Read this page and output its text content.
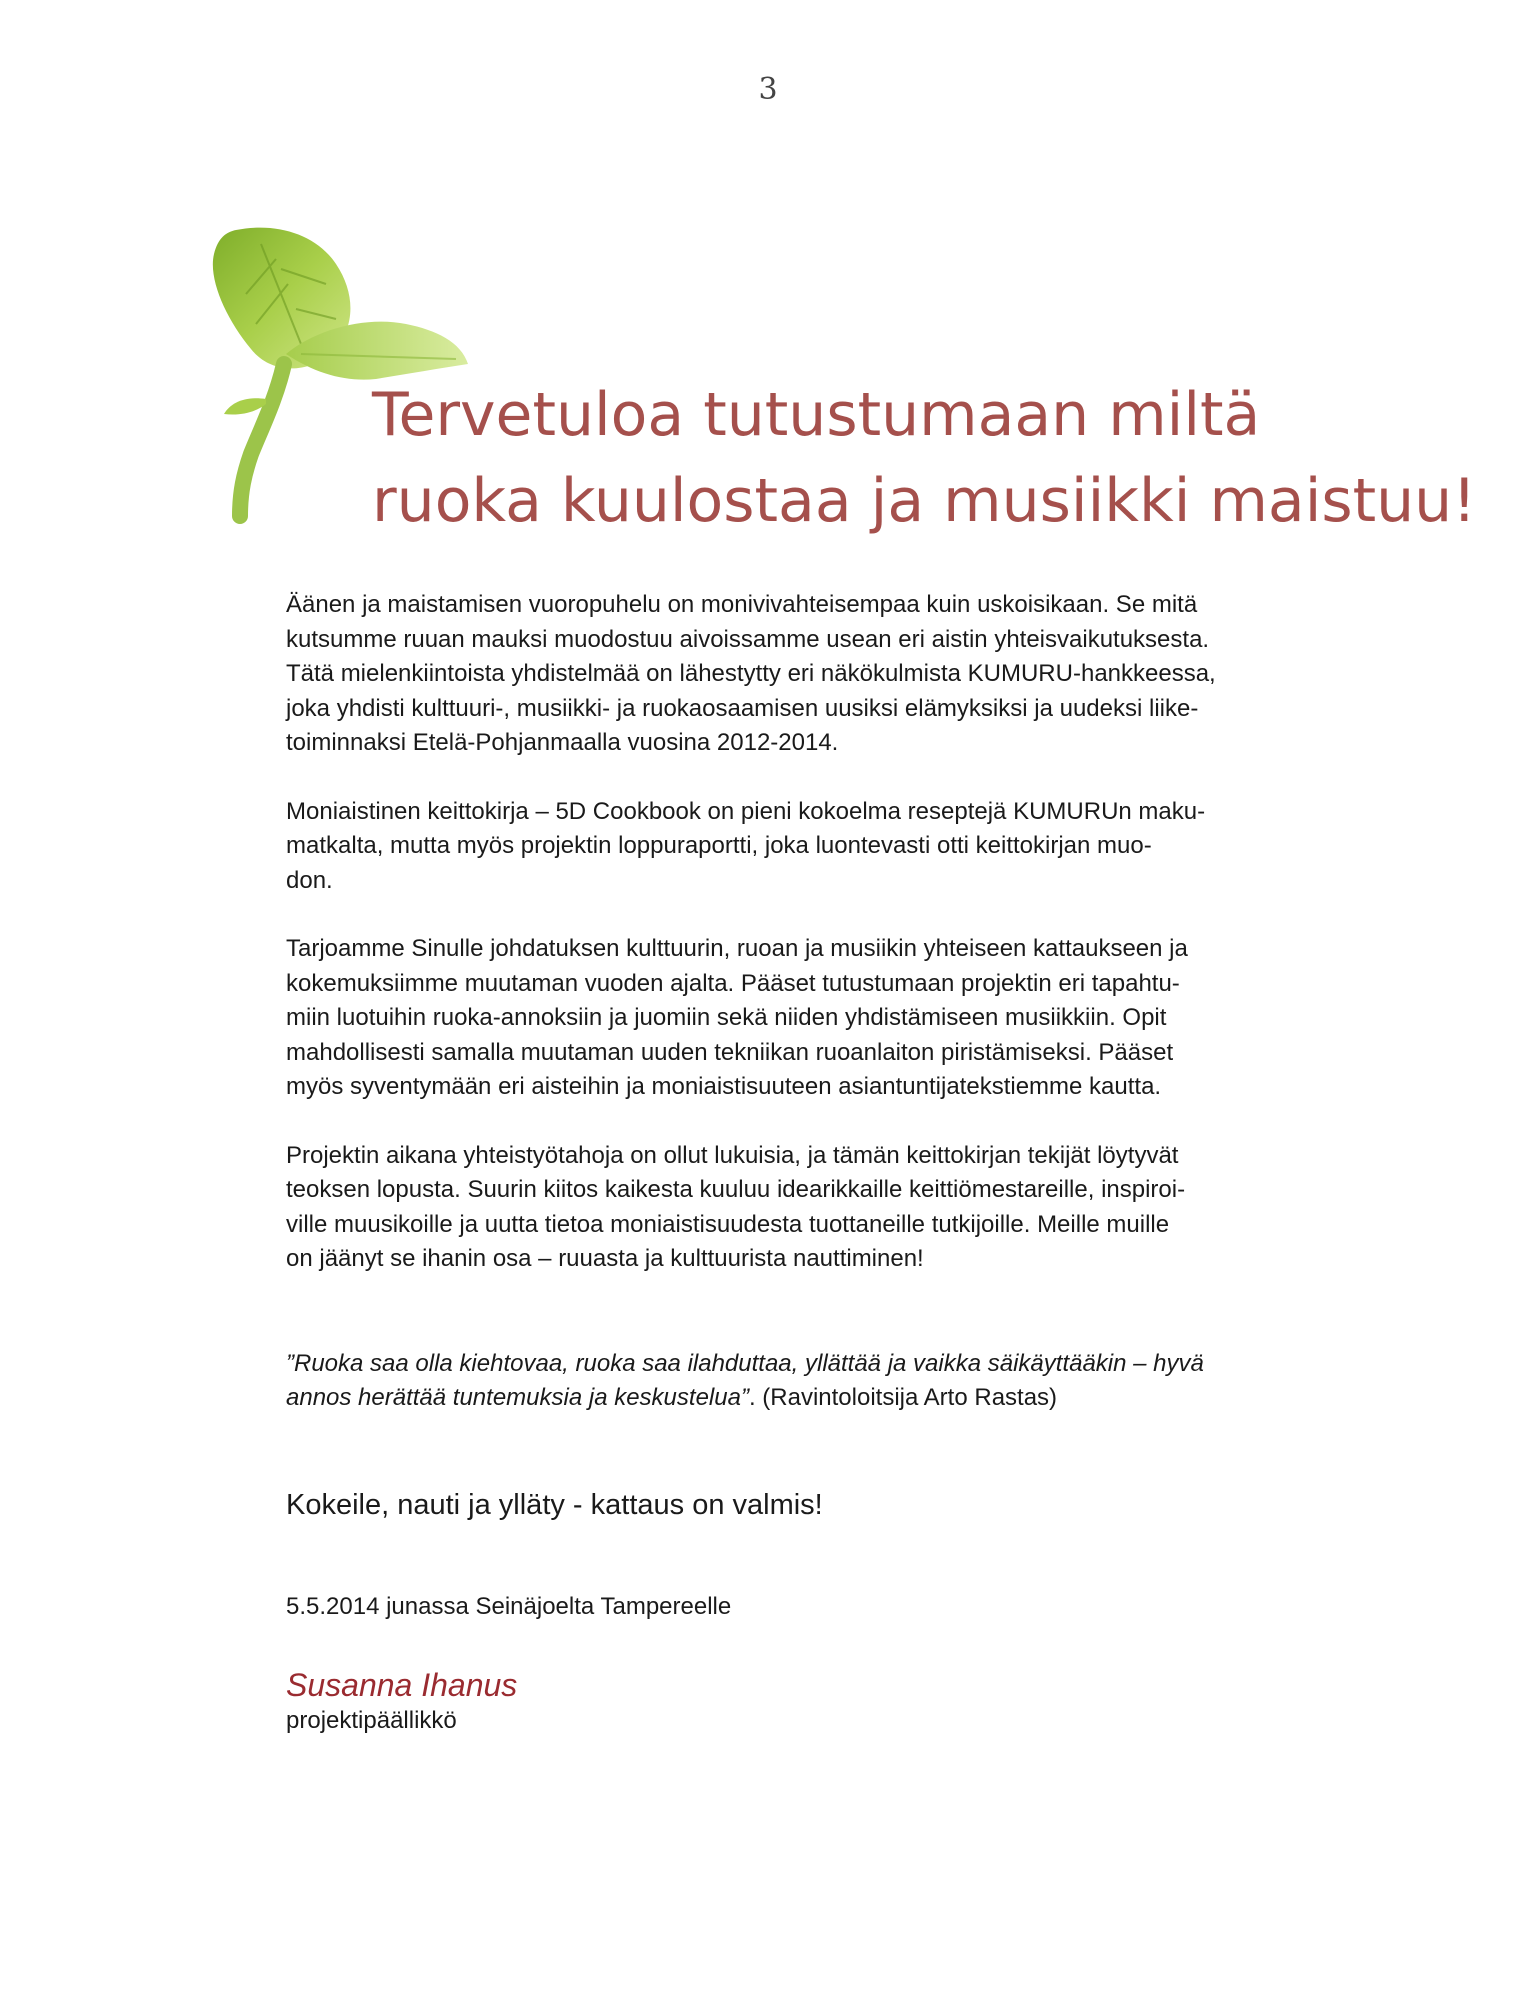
3
Tervetuloa tutustumaan miltä
ruoka kuulostaa ja musiikki maistuu!

Äänen ja maistamisen vuoropuhelu on monivivahteisempaa kuin uskoisikaan. Se mitä
kutsumme ruuan mauksi muodostuu aivoissamme usean eri aistin yhteisvaikutuksesta.
Tätä mielenkiintoista yhdistelmää on lähestytty eri näkökulmista KUMURU-hankkeessa,
joka yhdisti kulttuuri-, musiikki- ja ruokaosaamisen uusiksi elämyksiksi ja uudeksi liike-
toiminnaksi Etelä-Pohjanmaalla vuosina 2012-2014.

Moniaistinen keittokirja – 5D Cookbook on pieni kokoelma reseptejä KUMURUn maku-
matkalta, mutta myös projektin loppuraportti, joka luontevasti otti keittokirjan muo-
don.

Tarjoamme Sinulle johdatuksen kulttuurin, ruoan ja musiikin yhteiseen kattaukseen ja
kokemuksiimme muutaman vuoden ajalta. Pääset tutustumaan projektin eri tapahtu-
miin luotuihin ruoka-annoksiin ja juomiin sekä niiden yhdistämiseen musiikkiin. Opit
mahdollisesti samalla muutaman uuden tekniikan ruoanlaiton piristämiseksi. Pääset
myös syventymään eri aisteihin ja moniaistisuuteen asiantuntijatekstiemme kautta.

Projektin aikana yhteistyötahoja on ollut lukuisia, ja tämän keittokirjan tekijät löytyvät
teoksen lopusta. Suurin kiitos kaikesta kuuluu idearikkaille keittiömestareille, inspiroi-
ville muusikoille ja uutta tietoa moniaistisuudesta tuottaneille tutkijoille. Meille muille
on jäänyt se ihanin osa – ruuasta ja kulttuurista nauttiminen!

”Ruoka saa olla kiehtovaa, ruoka saa ilahduttaa, yllättää ja vaikka säikäyttääkin – hyvä
annos herättää tuntemuksia ja keskustelua”. (Ravintoloitsija Arto Rastas)

Kokeile, nauti ja ylläty - kattaus on valmis!
5.5.2014 junassa Seinäjoelta Tampereelle
Susanna Ihanus
projektipäällikkö
